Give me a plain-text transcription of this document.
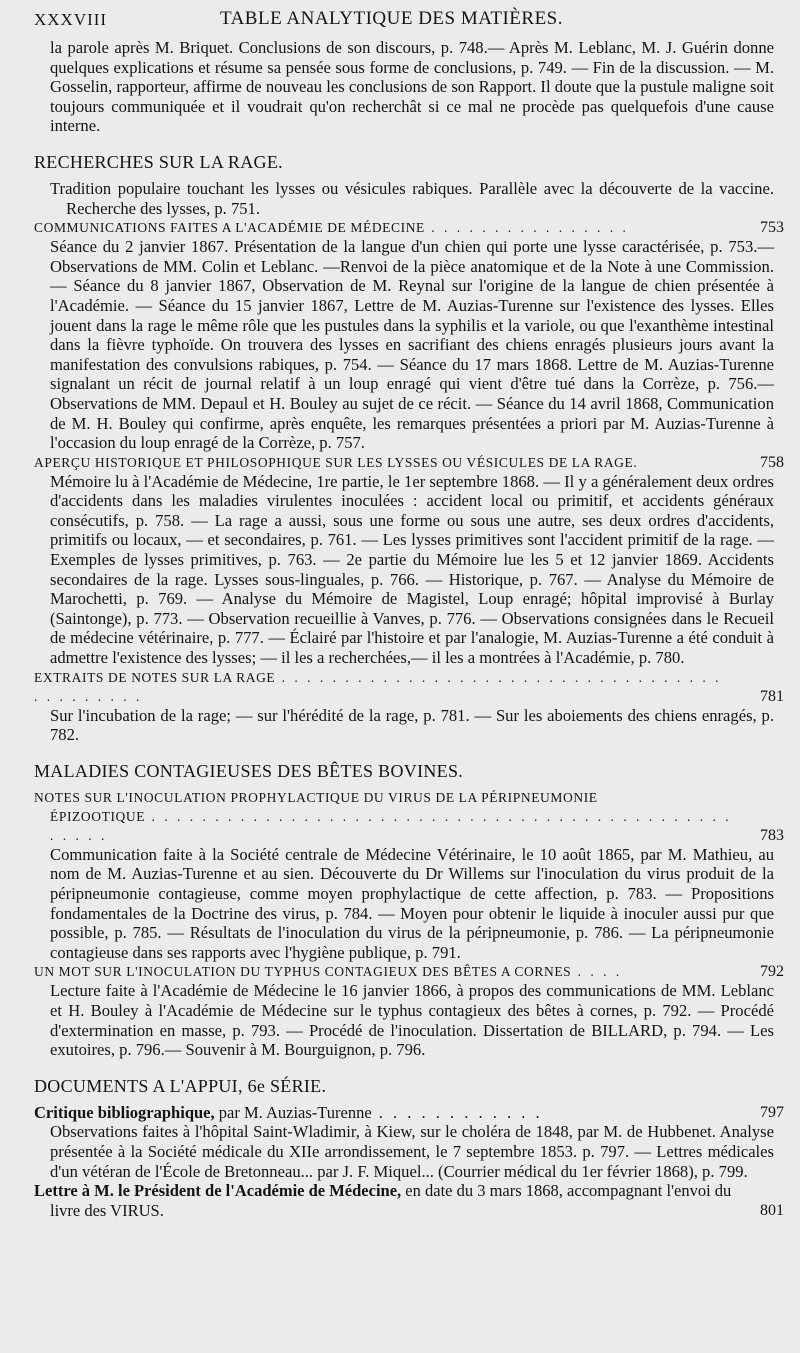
XXXVIII	TABLE ANALYTIQUE DES MATIÈRES.

la parole après M. Briquet. Conclusions de son discours, p. 748.— Après M. Leblanc, M. J. Guérin donne quelques explications et résume sa pensée sous forme de conclusions, p. 749. — Fin de la discussion. — M. Gosselin, rapporteur, affirme de nouveau les conclusions de son Rapport. Il doute que la pustule maligne soit toujours communiquée et il voudrait qu'on recherchât si ce mal ne procède pas quelquefois d'une cause interne.

RECHERCHES SUR LA RAGE.

Tradition populaire touchant les lysses ou vésicules rabiques. Parallèle avec la découverte de la vaccine. Recherche des lysses, p. 751.

COMMUNICATIONS FAITES A L'ACADÉMIE DE MÉDECINE . . . . . . . . . . . . . . . .	753

Séance du 2 janvier 1867. Présentation de la langue d'un chien qui porte une lysse caractérisée, p. 753.—Observations de MM. Colin et Leblanc. —Renvoi de la pièce anatomique et de la Note à une Commission.— Séance du 8 janvier 1867, Observation de M. Reynal sur l'origine de la langue de chien présentée à l'Académie. — Séance du 15 janvier 1867, Lettre de M. Auzias-Turenne sur l'existence des lysses. Elles jouent dans la rage le même rôle que les pustules dans la syphilis et la variole, ou que l'exanthème intestinal dans la fièvre typhoïde. On trouvera des lysses en sacrifiant des chiens enragés plusieurs jours avant la manifestation des convulsions rabiques, p. 754. — Séance du 17 mars 1868. Lettre de M. Auzias-Turenne signalant un récit de journal relatif à un loup enragé qui vient d'être tué dans la Corrèze, p. 756.— Observations de MM. Depaul et H. Bouley au sujet de ce récit. — Séance du 14 avril 1868, Communication de M. H. Bouley qui confirme, après enquête, les remarques présentées a priori par M. Auzias-Turenne à l'occasion du loup enragé de la Corrèze, p. 757.

APERÇU HISTORIQUE ET PHILOSOPHIQUE SUR LES LYSSES OU VÉSICULES DE LA RAGE.	758

Mémoire lu à l'Académie de Médecine, 1re partie, le 1er septembre 1868. — Il y a généralement deux ordres d'accidents dans les maladies virulentes inoculées : accident local ou primitif, et accidents généraux consécutifs, p. 758. — La rage a aussi, sous une forme ou sous une autre, ses deux ordres d'accidents, primitifs ou locaux, — et secondaires, p. 761. — Les lysses primitives sont l'accident primitif de la rage. — Exemples de lysses primitives, p. 763. — 2e partie du Mémoire lue les 5 et 12 janvier 1869. Accidents secondaires de la rage. Lysses sous-linguales, p. 766. — Historique, p. 767. — Analyse du Mémoire de Marochetti, p. 769. — Analyse du Mémoire de Magistel, Loup enragé; hôpital improvisé à Burlay (Saintonge), p. 773. — Observation recueillie à Vanves, p. 776. — Observations consignées dans le Recueil de médecine vétérinaire, p. 777. — Éclairé par l'histoire et par l'analogie, M. Auzias-Turenne a été conduit à admettre l'existence des lysses; — il les a recherchées,— il les a montrées à l'Académie, p. 780.

EXTRAITS DE NOTES SUR LA RAGE . . . . . . . . . . . . . . . . . . . . . . . . . . . . . . . . . . . . . . . . . . . .	781

Sur l'incubation de la rage; — sur l'hérédité de la rage, p. 781. — Sur les aboiements des chiens enragés, p. 782.

MALADIES CONTAGIEUSES DES BÊTES BOVINES.
NOTES SUR L'INOCULATION PROPHYLACTIQUE DU VIRUS DE LA PÉRIPNEUMONIE
ÉPIZOOTIQUE . . . . . . . . . . . . . . . . . . . . . . . . . . . . . . . . . . . . . . . . . . . . . . . . . . .	783

Communication faite à la Société centrale de Médecine Vétérinaire, le 10 août 1865, par M. Mathieu, au nom de M. Auzias-Turenne et au sien. Découverte du Dr Willems sur l'inoculation du virus produit de la péripneumonie contagieuse, comme moyen prophylactique de cette affection, p. 783. — Propositions fondamentales de la Doctrine des virus, p. 784. — Moyen pour obtenir le liquide à inoculer aussi pur que possible, p. 785. — Résultats de l'inoculation du virus de la péripneumonie, p. 786. — La péripneumonie contagieuse dans ses rapports avec l'hygiène publique, p. 791.

UN MOT SUR L'INOCULATION DU TYPHUS CONTAGIEUX DES BÊTES A CORNES . . . .	792

Lecture faite à l'Académie de Médecine le 16 janvier 1866, à propos des communications de MM. Leblanc et H. Bouley à l'Académie de Médecine sur le typhus contagieux des bêtes à cornes, p. 792. — Procédé d'extermination en masse, p. 793. — Procédé de l'inoculation. Dissertation de BILLARD, p. 794. — Les exutoires, p. 796.— Souvenir à M. Bourguignon, p. 796.

DOCUMENTS A L'APPUI, 6e SÉRIE.
Critique bibliographique, par M. Auzias-Turenne . . . . . . . . . . . .	797

Observations faites à l'hôpital Saint-Wladimir, à Kiew, sur le choléra de 1848, par M. de Hubbenet. Analyse présentée à la Société médicale du XIIe arrondissement, le 7 septembre 1853. p. 797. — Lettres médicales d'un vétéran de l'École de Bretonneau... par J. F. Miquel... (Courrier médical du 1er février 1868), p. 799.

Lettre à M. le Président de l'Académie de Médecine, en date du 3 mars 1868, accompagnant l'envoi du livre des VIRUS.	801
